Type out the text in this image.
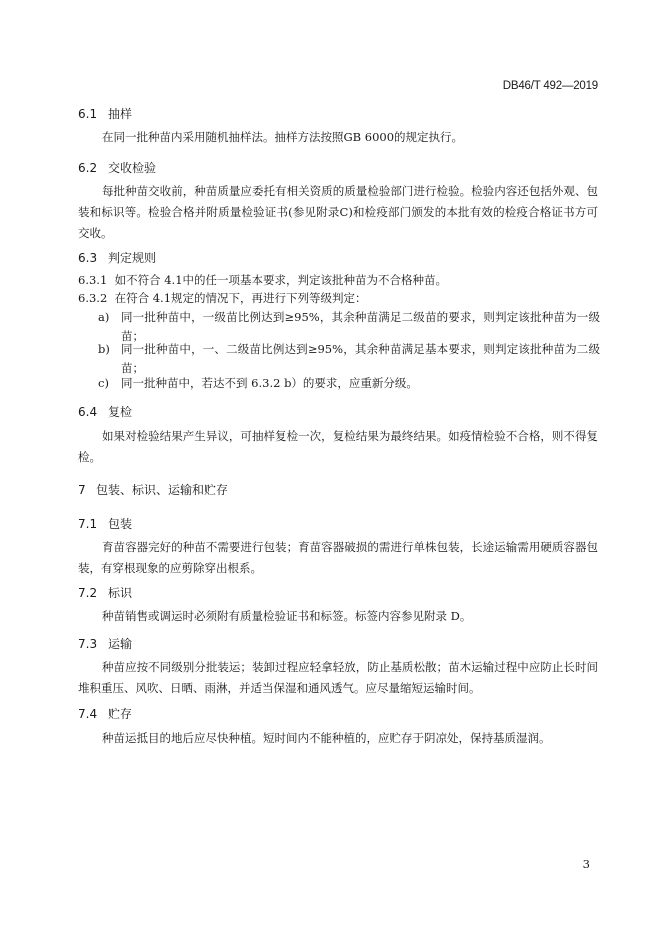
DB46/T 492—2019
6.1 抽样

在同一批种苗内采用随机抽样法。抽样方法按照GB 6000的规定执行。

6.2 交收检验

每批种苗交收前，种苗质量应委托有相关资质的质量检验部门进行检验。检验内容还包括外观、包装和标识等。检验合格并附质量检验证书(参见附录C)和检疫部门颁发的本批有效的检疫合格证书方可交收。

6.3 判定规则
6.3.1 如不符合 4.1中的任一项基本要求，判定该批种苗为不合格种苗。
6.3.2 在符合 4.1规定的情况下，再进行下列等级判定：
a)	同一批种苗中，一级苗比例达到≥95%，其余种苗满足二级苗的要求，则判定该批种苗为一级苗；
b) 同一批种苗中，一、二级苗比例达到≥95%，其余种苗满足基本要求，则判定该批种苗为二级苗；
c)	同一批种苗中，若达不到 6.3.2 b）的要求，应重新分级。
6.4 复检

如果对检验结果产生异议，可抽样复检一次，复检结果为最终结果。如疫情检验不合格，则不得复检。

7 包装、标识、运输和贮存
7.1 包装

育苗容器完好的种苗不需要进行包装；育苗容器破损的需进行单株包装，长途运输需用硬质容器包装，有穿根现象的应剪除穿出根系。

7.2 标识

种苗销售或调运时必须附有质量检验证书和标签。标签内容参见附录 D。

7.3 运输

种苗应按不同级别分批装运；装卸过程应轻拿轻放，防止基质松散；苗木运输过程中应防止长时间堆积重压、风吹、日晒、雨淋，并适当保湿和通风透气。应尽量缩短运输时间。

7.4 贮存

种苗运抵目的地后应尽快种植。短时间内不能种植的，应贮存于阴凉处，保持基质湿润。

3
